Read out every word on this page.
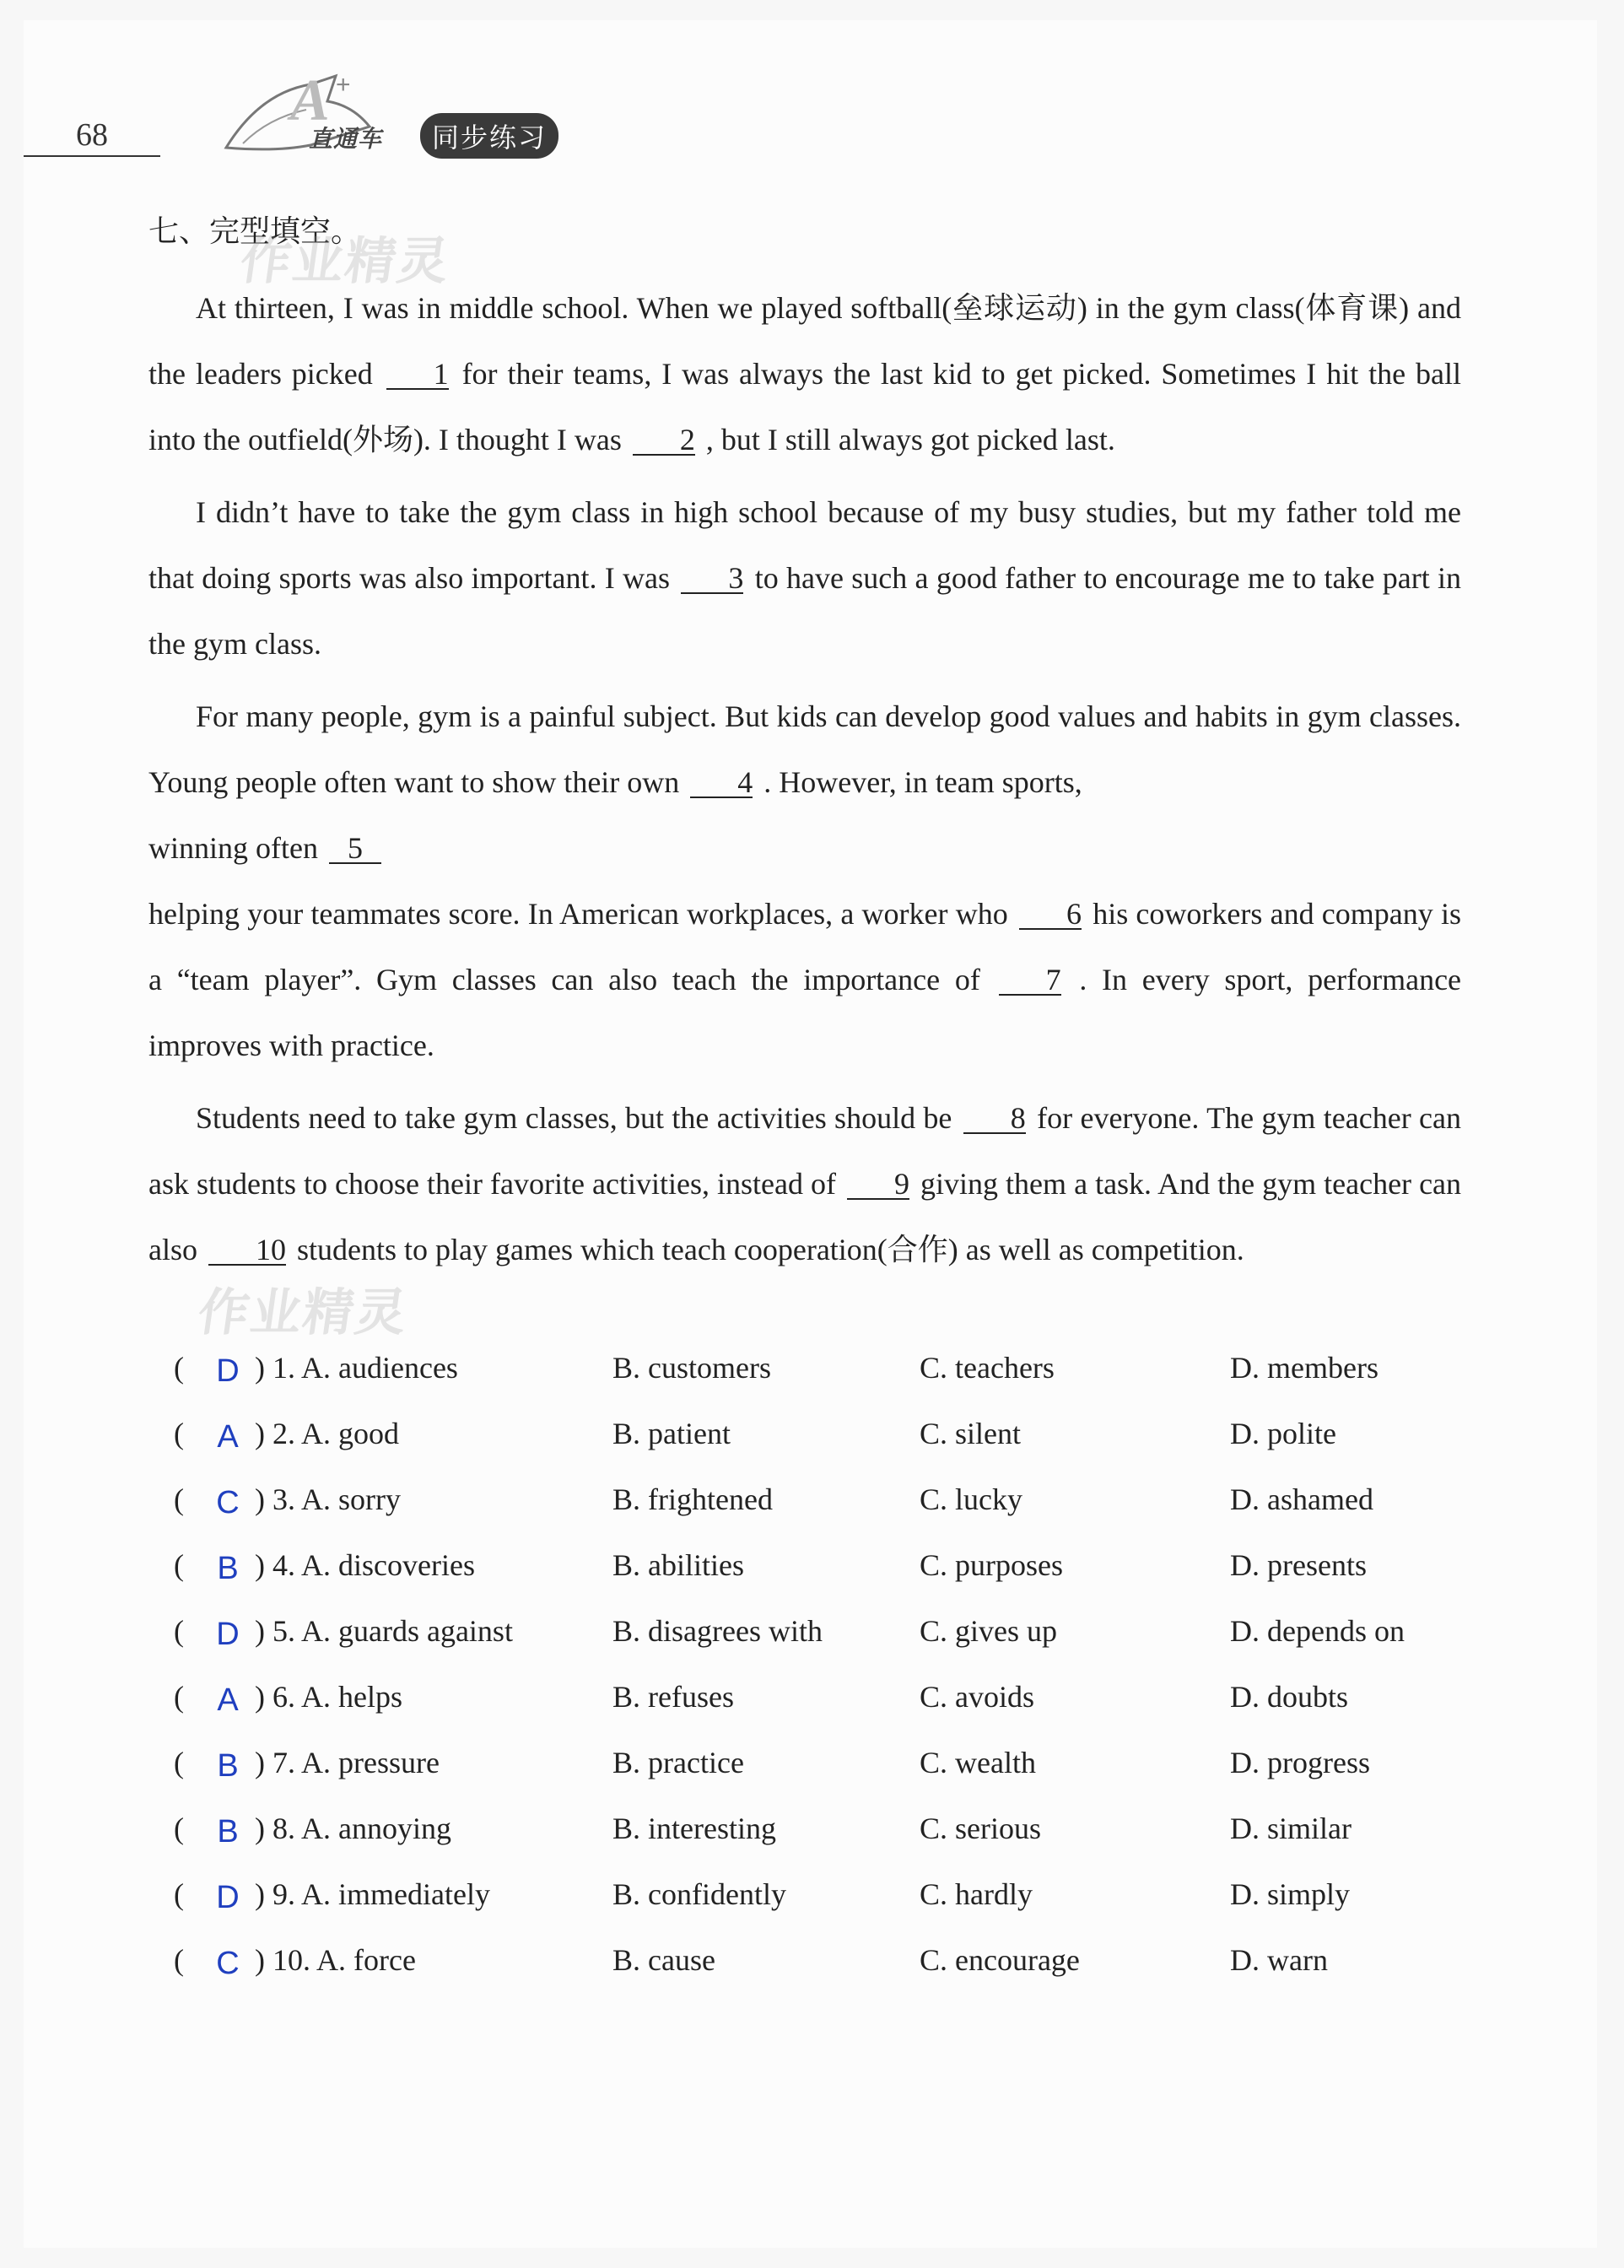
68
A +
直通车	同步练习
七、完型填空。
作业精灵
作业精灵

At thirteen, I was in middle school. When we played softball(垒球运动) in the gym class(体育课) and the leaders picked 1 for their teams, I was always the last kid to get picked. Sometimes I hit the ball into the outfield(外场). I thought I was 2 , but I still always got picked last.

I didn’t have to take the gym class in high school because of my busy studies, but my father told me that doing sports was also important. I was 3 to have such a good father to encourage me to take part in the gym class.

For many people, gym is a painful subject. But kids can develop good values and habits in gym classes. Young people often want to show their own 4 . However, in team sports,
winning often 5
helping your teammates score. In American workplaces, a worker who 6 his coworkers and company is a “team player”. Gym classes can also teach the importance of 7 . In every sport, performance improves with practice.

Students need to take gym classes, but the activities should be 8 for everyone. The gym teacher can ask students to choose their favorite activities, instead of 9 giving them a task. And the gym teacher can also 10 students to play games which teach cooperation(合作) as well as competition.

( D ) 1. A. audiences	B. customers	C. teachers	D. members
( A ) 2. A. good	B. patient	C. silent	D. polite
( C ) 3. A. sorry	B. frightened	C. lucky	D. ashamed
( B ) 4. A. discoveries	B. abilities	C. purposes	D. presents
( D ) 5. A. guards against	B. disagrees with	C. gives up	D. depends on
( A ) 6. A. helps	B. refuses	C. avoids	D. doubts
( B ) 7. A. pressure	B. practice	C. wealth	D. progress
( B ) 8. A. annoying	B. interesting	C. serious	D. similar
( D ) 9. A. immediately	B. confidently	C. hardly	D. simply
( C ) 10. A. force	B. cause	C. encourage	D. warn
